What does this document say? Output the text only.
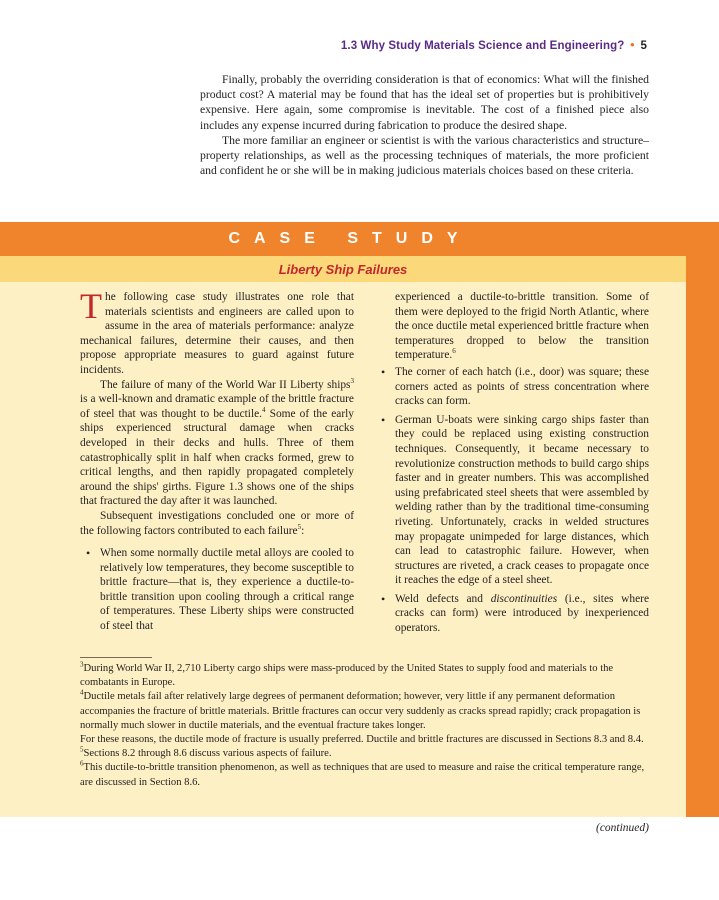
1.3 Why Study Materials Science and Engineering? • 5

Finally, probably the overriding consideration is that of economics: What will the finished product cost? A material may be found that has the ideal set of properties but is prohibitively expensive. Here again, some compromise is inevitable. The cost of a finished piece also includes any expense incurred during fabrication to produce the desired shape.

The more familiar an engineer or scientist is with the various characteristics and structure–property relationships, as well as the processing techniques of materials, the more proficient and confident he or she will be in making judicious materials choices based on these criteria.

CASE STUDY
Liberty Ship Failures

The following case study illustrates one role that materials scientists and engineers are called upon to assume in the area of materials performance: analyze mechanical failures, determine their causes, and then propose appropriate measures to guard against future incidents.

The failure of many of the World War II Liberty ships$^3$ is a well-known and dramatic example of the brittle fracture of steel that was thought to be ductile.$^4$ Some of the early ships experienced structural damage when cracks developed in their decks and hulls. Three of them catastrophically split in half when cracks formed, grew to critical lengths, and then rapidly propagated completely around the ships' girths. Figure 1.3 shows one of the ships that fractured the day after it was launched.

Subsequent investigations concluded one or more of the following factors contributed to each failure$^5$:

• When some normally ductile metal alloys are cooled to relatively low temperatures, they become susceptible to brittle fracture—that is, they experience a ductile-to-brittle transition upon cooling through a critical range of temperatures. These Liberty ships were constructed of steel that

experienced a ductile-to-brittle transition. Some of them were deployed to the frigid North Atlantic, where the once ductile metal experienced brittle fracture when temperatures dropped to below the transition temperature.$^6$

• The corner of each hatch (i.e., door) was square; these corners acted as points of stress concentration where cracks can form.
• German U-boats were sinking cargo ships faster than they could be replaced using existing construction techniques. Consequently, it became necessary to revolutionize construction methods to build cargo ships faster and in greater numbers. This was accomplished using prefabricated steel sheets that were assembled by welding rather than by the traditional time-consuming riveting. Unfortunately, cracks in welded structures may propagate unimpeded for large distances, which can lead to catastrophic failure. However, when structures are riveted, a crack ceases to propagate once it reaches the edge of a steel sheet.
• Weld defects and discontinuities (i.e., sites where cracks can form) were introduced by inexperienced operators.

$^3$During World War II, 2,710 Liberty cargo ships were mass-produced by the United States to supply food and materials to the combatants in Europe.

$^4$Ductile metals fail after relatively large degrees of permanent deformation; however, very little if any permanent deformation accompanies the fracture of brittle materials. Brittle fractures can occur very suddenly as cracks spread rapidly; crack propagation is normally much slower in ductile materials, and the eventual fracture takes longer.

For these reasons, the ductile mode of fracture is usually preferred. Ductile and brittle fractures are discussed in Sections 8.3 and 8.4.

$^5$Sections 8.2 through 8.6 discuss various aspects of failure.

$^6$This ductile-to-brittle transition phenomenon, as well as techniques that are used to measure and raise the critical temperature range, are discussed in Section 8.6.

(continued)
